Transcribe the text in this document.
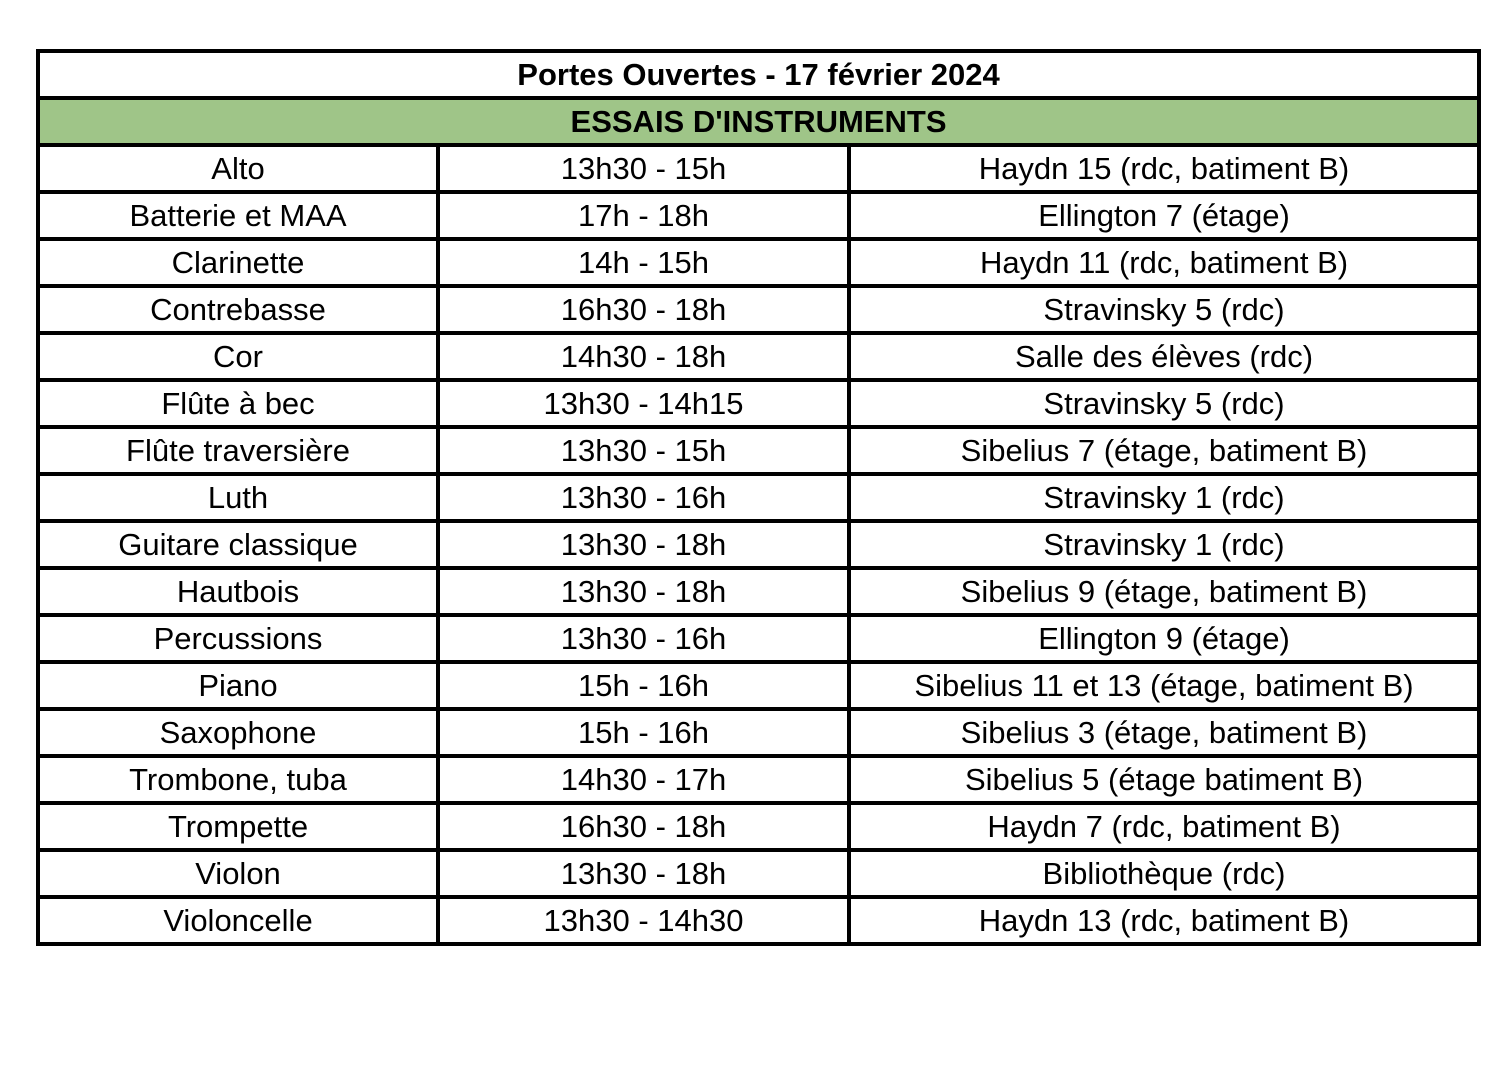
Portes Ouvertes - 17 février 2024		
ESSAIS D'INSTRUMENTS		
Alto	13h30 - 15h	Haydn 15 (rdc, batiment B)
Batterie et MAA	17h - 18h	Ellington 7 (étage)
Clarinette	14h - 15h	Haydn 11 (rdc, batiment B)
Contrebasse	16h30 - 18h	Stravinsky 5 (rdc)
Cor	14h30 - 18h	Salle des élèves (rdc)
Flûte à bec	13h30 - 14h15	Stravinsky 5 (rdc)
Flûte traversière	13h30 - 15h	Sibelius 7 (étage, batiment B)
Luth	13h30 - 16h	Stravinsky 1 (rdc)
Guitare classique	13h30 - 18h	Stravinsky 1 (rdc)
Hautbois	13h30 - 18h	Sibelius 9 (étage, batiment B)
Percussions	13h30 - 16h	Ellington 9 (étage)
Piano	15h - 16h	Sibelius 11 et 13 (étage, batiment B)
Saxophone	15h - 16h	Sibelius 3 (étage, batiment B)
Trombone, tuba	14h30 - 17h	Sibelius 5 (étage batiment B)
Trompette	16h30 - 18h	Haydn 7 (rdc, batiment B)
Violon	13h30 - 18h	Bibliothèque (rdc)
Violoncelle	13h30 - 14h30	Haydn 13 (rdc, batiment B)
